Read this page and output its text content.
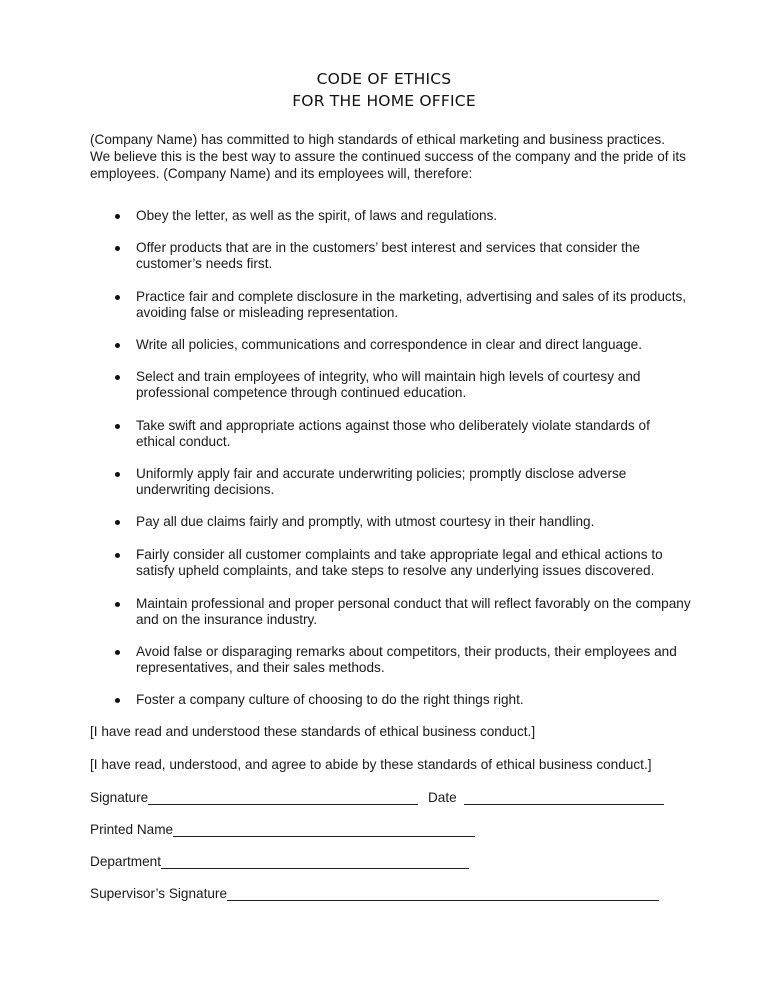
CODE OF ETHICS
FOR THE HOME OFFICE
(Company Name) has committed to high standards of ethical marketing and business practices.
We believe this is the best way to assure the continued success of the company and the pride of its
employees. (Company Name) and its employees will, therefore:
Obey the letter, as well as the spirit, of laws and regulations.
Offer products that are in the customers’ best interest and services that consider the
customer’s needs first.
Practice fair and complete disclosure in the marketing, advertising and sales of its products,
avoiding false or misleading representation.
Write all policies, communications and correspondence in clear and direct language.
Select and train employees of integrity, who will maintain high levels of courtesy and
professional competence through continued education.
Take swift and appropriate actions against those who deliberately violate standards of
ethical conduct.
Uniformly apply fair and accurate underwriting policies; promptly disclose adverse
underwriting decisions.
Pay all due claims fairly and promptly, with utmost courtesy in their handling.
Fairly consider all customer complaints and take appropriate legal and ethical actions to
satisfy upheld complaints, and take steps to resolve any underlying issues discovered.
Maintain professional and proper personal conduct that will reflect favorably on the company
and on the insurance industry.
Avoid false or disparaging remarks about competitors, their products, their employees and
representatives, and their sales methods.
Foster a company culture of choosing to do the right things right.
[I have read and understood these standards of ethical business conduct.]
[I have read, understood, and agree to abide by these standards of ethical business conduct.]
Signature	Date
Printed Name
Department
Supervisor’s Signature
